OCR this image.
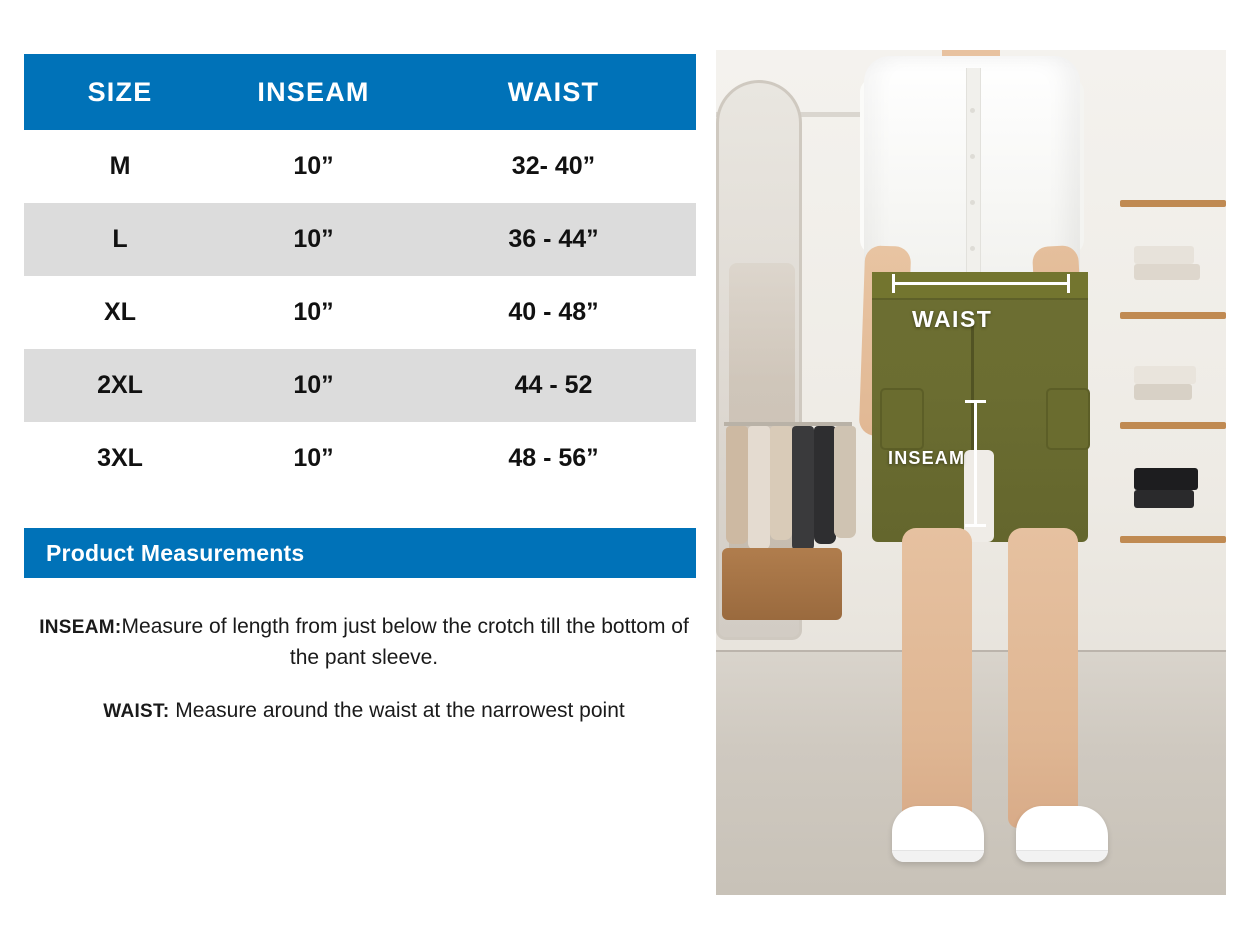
SIZE	INSEAM	WAIST
M	10”	32- 40”
L	10”	36 - 44”
XL	10”	40 - 48”
2XL	10”	44 - 52
3XL	10”	48 - 56”
Product Measurements
INSEAM:Measure of length from just below the crotch till the bottom of the pant sleeve.
WAIST: Measure around the waist at the narrowest point
WAIST
INSEAM
